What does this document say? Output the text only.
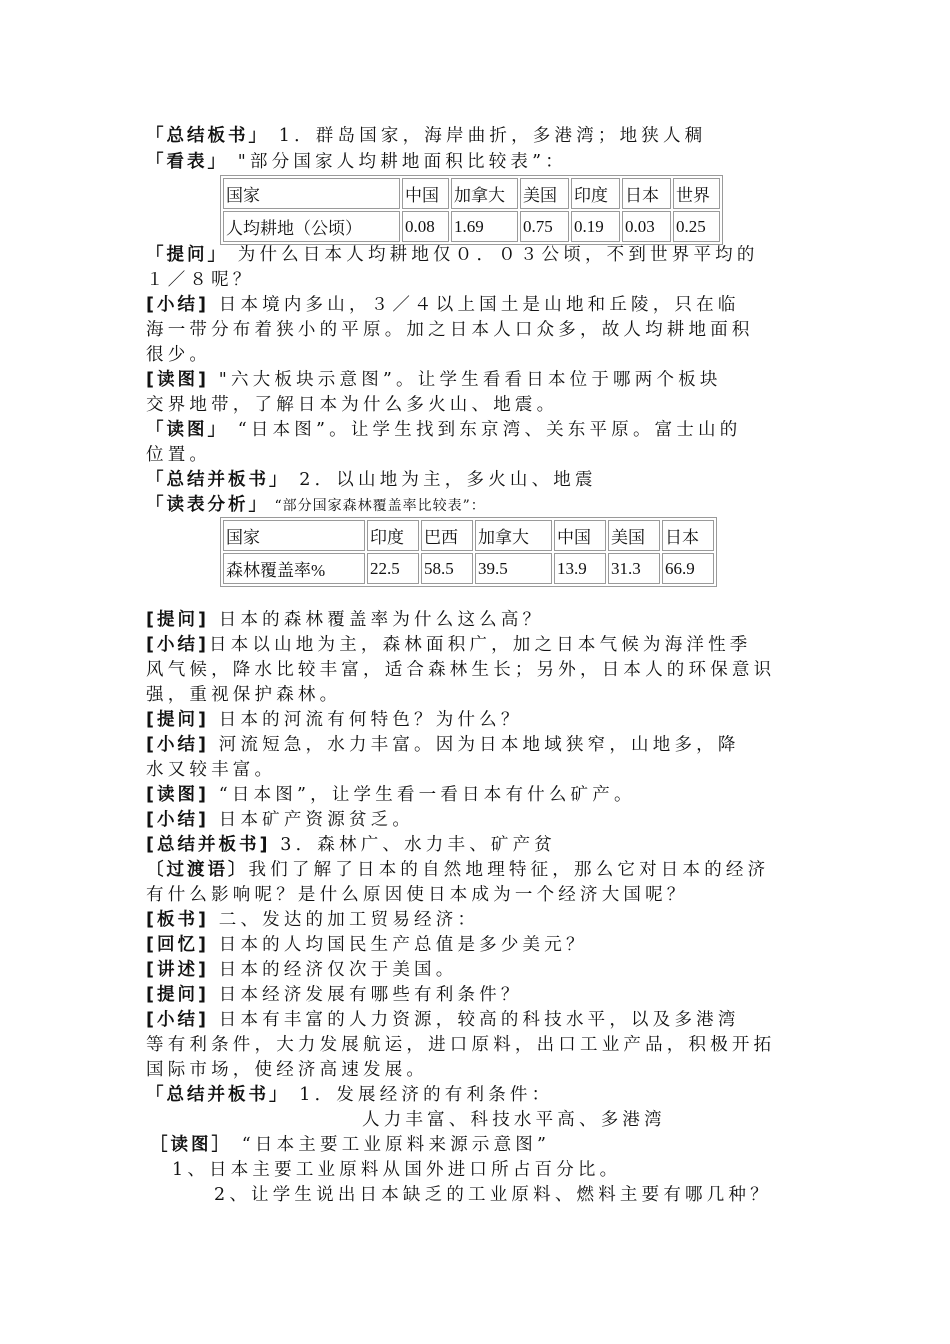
「总结板书」 1．群岛国家，海岸曲折，多港湾；地狭人稠
「看表」 "部分国家人均耕地面积比较表”：
国家	中国	加拿大	美国	印度	日本	世界
人均耕地（公顷）	0.08	1.69	0.75	0.19	0.03	0.25
「提问」 为什么日本人均耕地仅０．０３公顷，不到世界平均的
１／８呢？
[小结] 日本境内多山，３／４以上国土是山地和丘陵，只在临
海一带分布着狭小的平原。加之日本人口众多，故人均耕地面积
很少。
[读图] "六大板块示意图”。让学生看看日本位于哪两个板块
交界地带，了解日本为什么多火山、地震。
「读图」 “日本图”。让学生找到东京湾、关东平原。富士山的
位置。
「总结并板书」 2．以山地为主，多火山、地震
「读表分析」 “部分国家森林覆盖率比较表”：
国家	印度	巴西	加拿大	中国	美国	日本
森林覆盖率%	22.5	58.5	39.5	13.9	31.3	66.9
[提问] 日本的森林覆盖率为什么这么高？
[小结]日本以山地为主，森林面积广，加之日本气候为海洋性季
风气候，降水比较丰富，适合森林生长；另外，日本人的环保意识
强，重视保护森林。
[提问] 日本的河流有何特色？为什么？
[小结] 河流短急，水力丰富。因为日本地域狭窄，山地多，降
水又较丰富。
[读图] “日本图”，让学生看一看日本有什么矿产。
[小结] 日本矿产资源贫乏。
[总结并板书] 3．森林广、水力丰、矿产贫
〔过渡语〕我们了解了日本的自然地理特征，那么它对日本的经济
有什么影响呢？是什么原因使日本成为一个经济大国呢？
[板书] 二、发达的加工贸易经济：
[回忆] 日本的人均国民生产总值是多少美元？
[讲述] 日本的经济仅次于美国。
[提问] 日本经济发展有哪些有利条件？
[小结] 日本有丰富的人力资源，较高的科技水平，以及多港湾
等有利条件，大力发展航运，进口原料，出口工业产品，积极开拓
国际市场，使经济高速发展。
「总结并板书」 1．发展经济的有利条件：
人力丰富、科技水平高、多港湾
［读图］ “日本主要工业原料来源示意图”
1、日本主要工业原料从国外进口所占百分比。
2、让学生说出日本缺乏的工业原料、燃料主要有哪几种？
